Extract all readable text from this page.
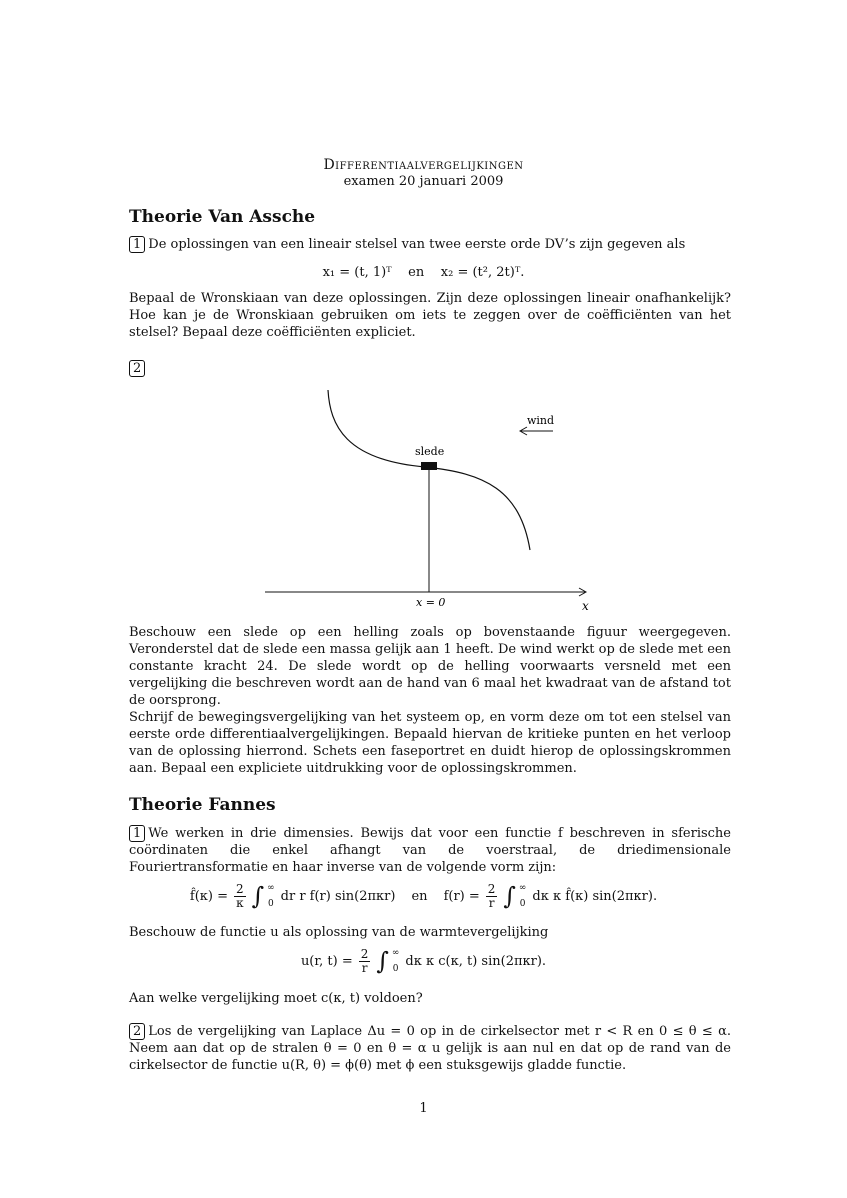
Differentiaalvergelijkingen
examen 20 januari 2009
Theorie Van Assche
1 De oplossingen van een lineair stelsel van twee eerste orde DV’s zijn gegeven als
x₁ = (t, 1)ᵀ en x₂ = (t², 2t)ᵀ.
Bepaal de Wronskiaan van deze oplossingen. Zijn deze oplossingen lineair onafhankelijk? Hoe kan je de Wronskiaan gebruiken om iets te zeggen over de coëfficiënten van het stelsel? Bepaal deze coëfficiënten expliciet.
2
slede
x = 0	x
wind
Beschouw een slede op een helling zoals op bovenstaande figuur weergegeven. Veronderstel dat de slede een massa gelijk aan 1 heeft. De wind werkt op de slede met een constante kracht 24. De slede wordt op de helling voorwaarts versneld met een vergelijking die beschreven wordt aan de hand van 6 maal het kwadraat van de afstand tot de oorsprong.
Schrijf de bewegingsvergelijking van het systeem op, en vorm deze om tot een stelsel van eerste orde differentiaalvergelijkingen. Bepaald hiervan de kritieke punten en het verloop van de oplossing hierrond. Schets een faseportret en duidt hierop de oplossingskrommen aan. Bepaal een expliciete uitdrukking voor de oplossingskrommen.
Theorie Fannes
1 We werken in drie dimensies. Bewijs dat voor een functie f beschreven in sferische coördinaten die enkel afhangt van de voerstraal, de driedimensionale Fouriertransformatie en haar inverse van de volgende vorm zijn:
f̂(κ) = $\frac{2}{\kappa}$ ∫ ∞
0
dr r f(r) sin(2πκr) en $f(r) = \frac{2}{r}$ ∫ ∞
0
dκ κ f̂(κ) sin(2πκr).
Beschouw de functie u als oplossing van de warmtevergelijking
u(r, $t) = \frac{2}{r}$ ∫ ∞
0
dκ κ c(κ, t) sin(2πκr).
Aan welke vergelijking moet c(κ, t) voldoen?
2 Los de vergelijking van Laplace Δu = 0 op in de cirkelsector met r < R en 0 ≤ θ ≤ α. Neem aan dat op de stralen θ = 0 en θ = α u gelijk is aan nul en dat op de rand van de cirkelsector de functie u(R, θ) = ϕ(θ) met ϕ een stuksgewijs gladde functie.
1
